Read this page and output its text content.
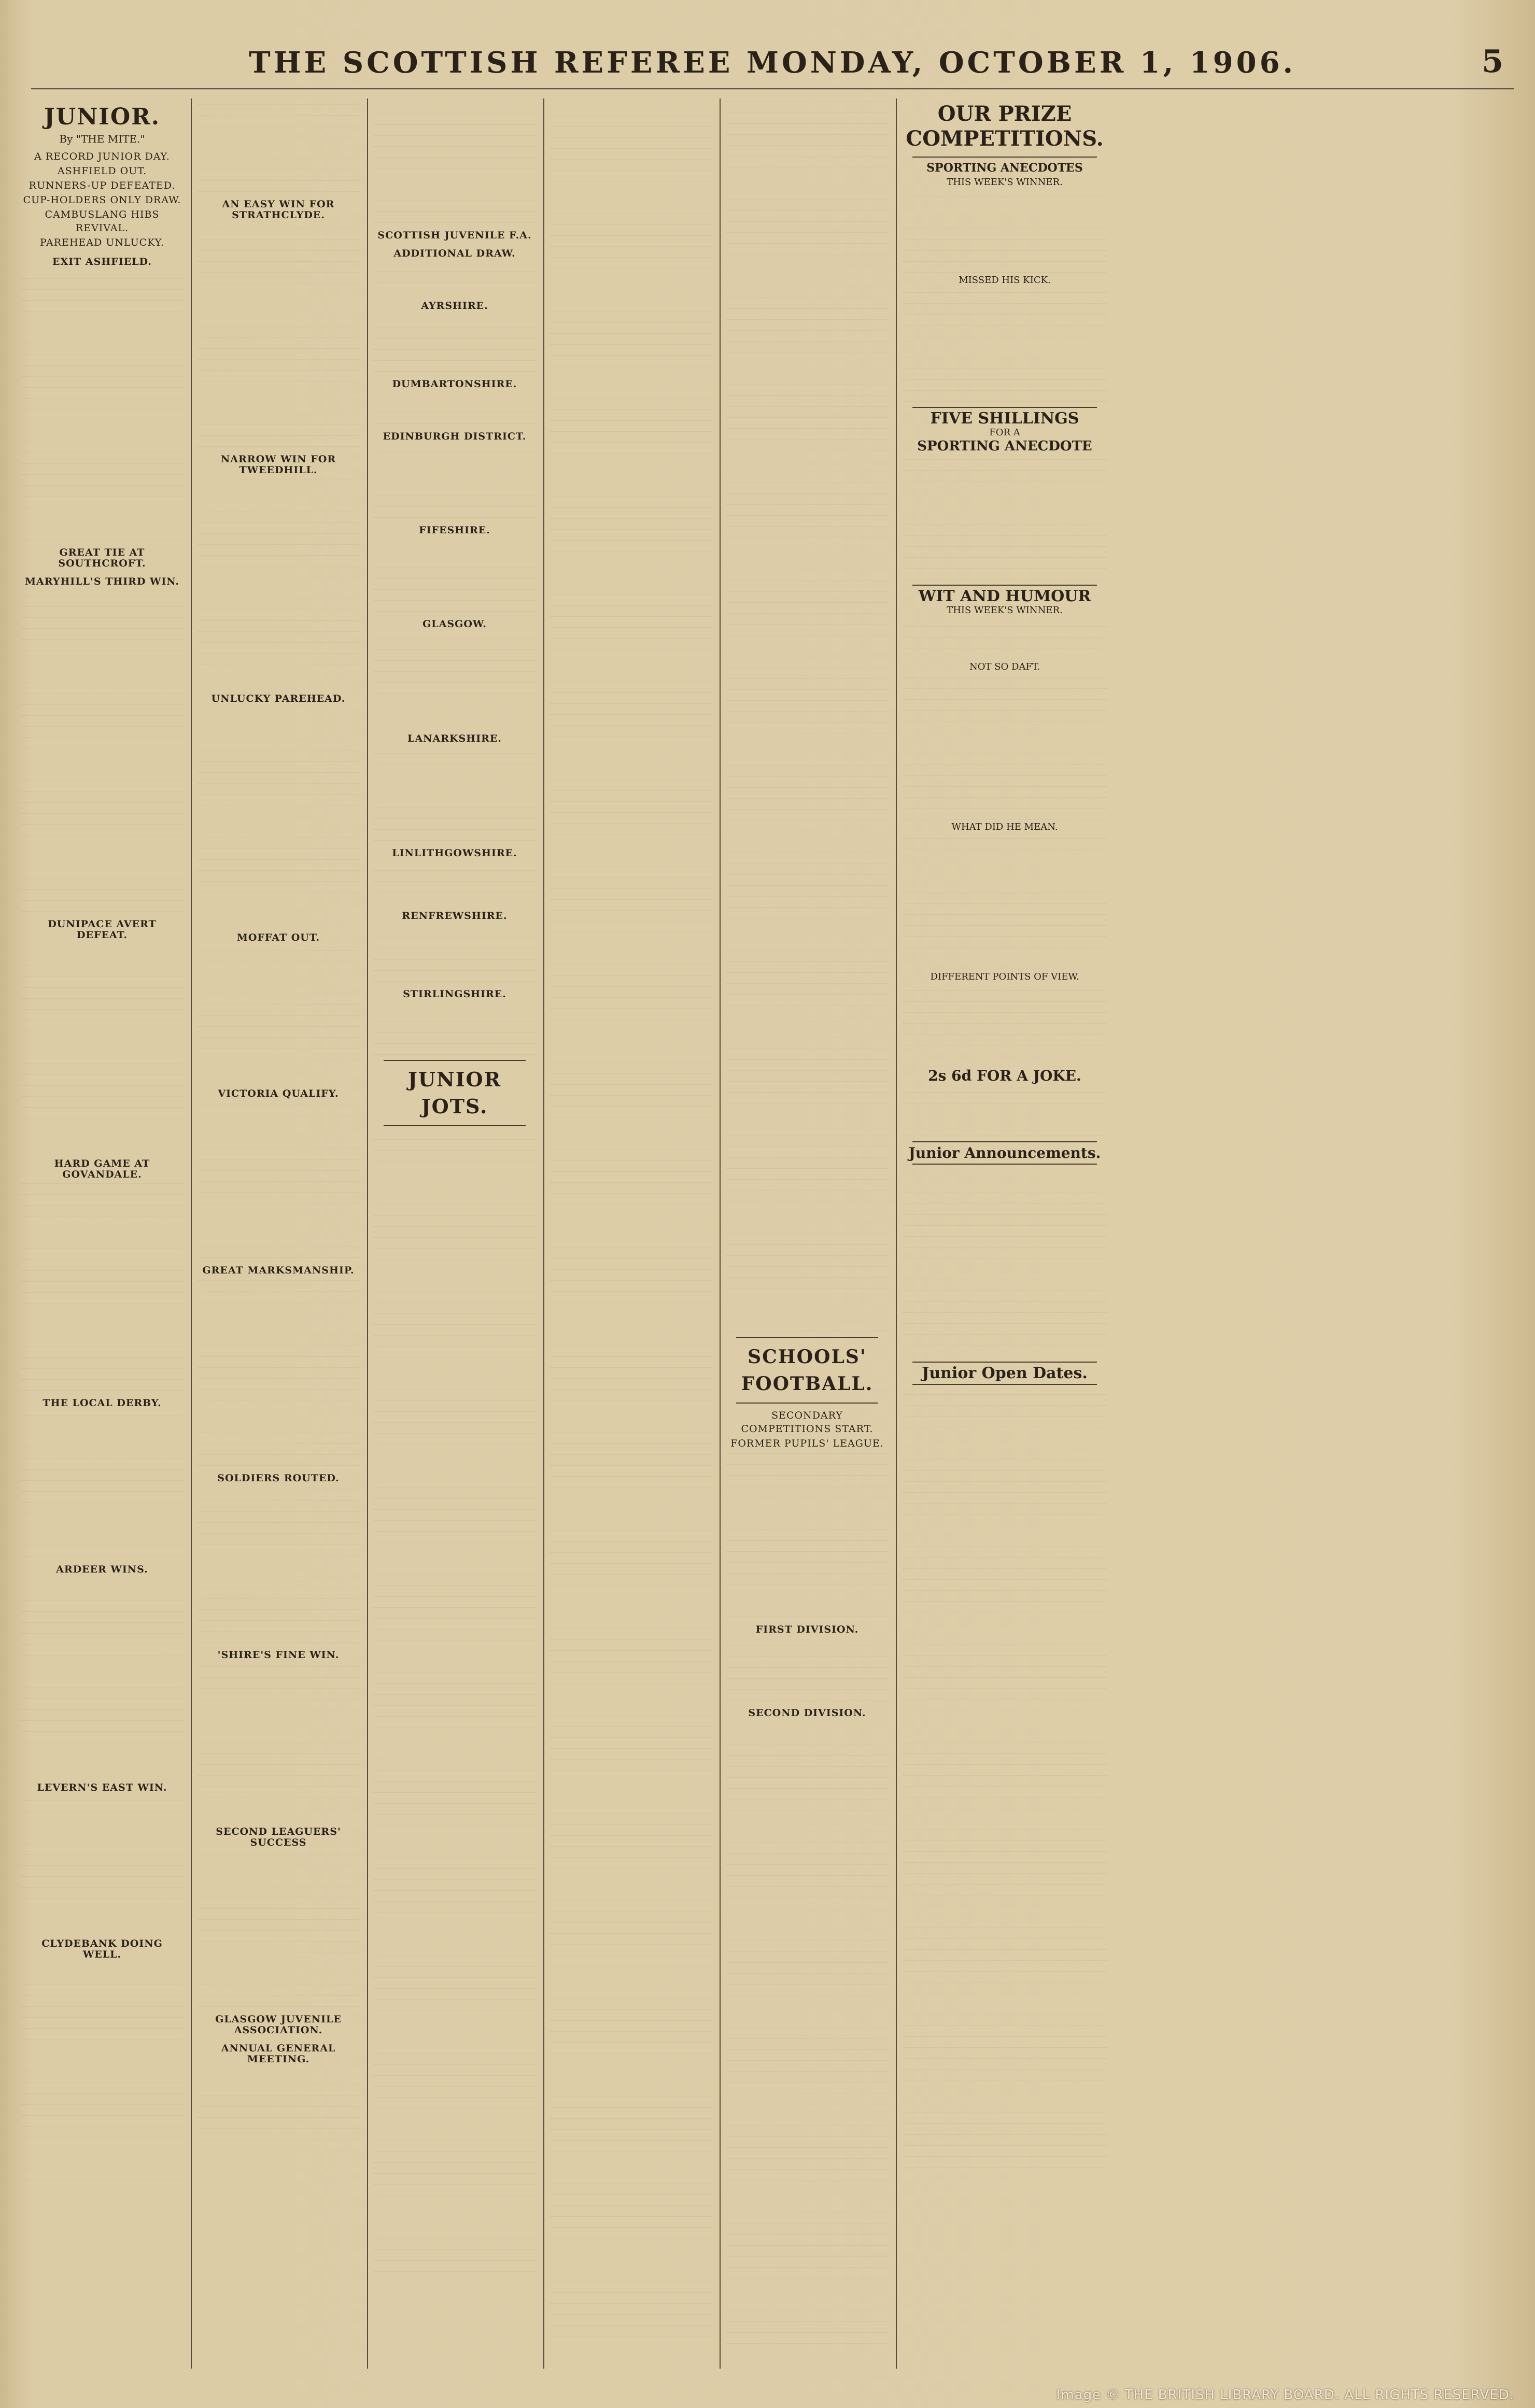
THE SCOTTISH REFEREE MONDAY, OCTOBER 1, 1906.	5
JUNIOR.
By "THE MITE."
A RECORD JUNIOR DAY.
ASHFIELD OUT.
RUNNERS-UP DEFEATED.
CUP-HOLDERS ONLY DRAW.
CAMBUSLANG HIBS REVIVAL.
PAREHEAD UNLUCKY.
EXIT ASHFIELD.
GREAT TIE AT SOUTHCROFT.
MARYHILL'S THIRD WIN.
DUNIPACE AVERT DEFEAT.
HARD GAME AT GOVANDALE.
THE LOCAL DERBY.
ARDEER WINS.
LEVERN'S EAST WIN.
CLYDEBANK DOING WELL.
AN EASY WIN FOR STRATHCLYDE.
NARROW WIN FOR TWEEDHILL.
UNLUCKY PAREHEAD.
MOFFAT OUT.
VICTORIA QUALIFY.
GREAT MARKSMANSHIP.
SOLDIERS ROUTED.
'SHIRE'S FINE WIN.
SECOND LEAGUERS' SUCCESS
GLASGOW JUVENILE ASSOCIATION.
ANNUAL GENERAL MEETING.
SCOTTISH JUVENILE F.A.
ADDITIONAL DRAW.
AYRSHIRE.
DUMBARTONSHIRE.
EDINBURGH DISTRICT.
FIFESHIRE.
GLASGOW.
LANARKSHIRE.
LINLITHGOWSHIRE.
RENFREWSHIRE.
STIRLINGSHIRE.
JUNIOR JOTS.
SCHOOLS' FOOTBALL.
SECONDARY COMPETITIONS START.
FORMER PUPILS' LEAGUE.
FIRST DIVISION.
SECOND DIVISION.
OUR PRIZE COMPETITIONS.
SPORTING ANECDOTES
THIS WEEK'S WINNER.
MISSED HIS KICK.
FIVE SHILLINGS
FOR A
SPORTING ANECDOTE
WIT AND HUMOUR
THIS WEEK'S WINNER.
NOT SO DAFT.
WHAT DID HE MEAN.
DIFFERENT POINTS OF VIEW.
2s 6d FOR A JOKE.
Junior Announcements.
Junior Open Dates.
Image © THE BRITISH LIBRARY BOARD. ALL RIGHTS RESERVED.
